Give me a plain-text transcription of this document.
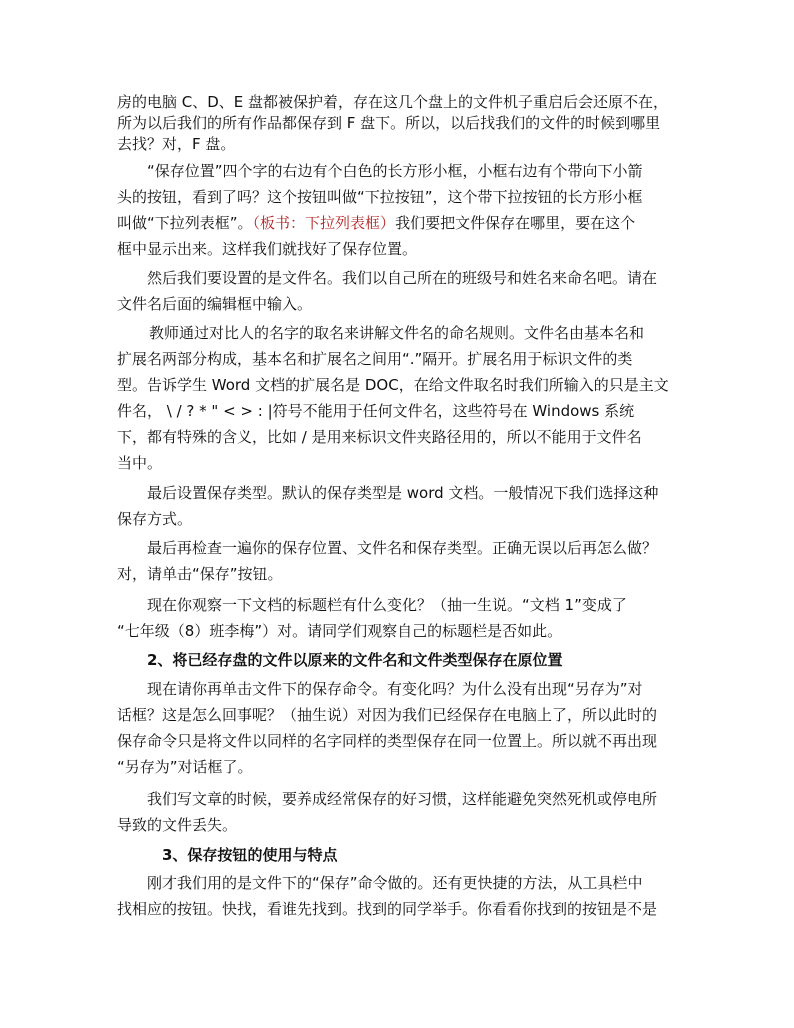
房的电脑 C、D、E 盘都被保护着，存在这几个盘上的文件机子重启后会还原不在，
所为以后我们的所有作品都保存到 F 盘下。所以，以后找我们的文件的时候到哪里
去找？对，F 盘。

“保存位置”四个字的右边有个白色的长方形小框，小框右边有个带向下小箭
头的按钮，看到了吗？这个按钮叫做“下拉按钮”，这个带下拉按钮的长方形小框
叫做“下拉列表框”。（板书：下拉列表框）我们要把文件保存在哪里，要在这个
框中显示出来。这样我们就找好了保存位置。

然后我们要设置的是文件名。我们以自己所在的班级号和姓名来命名吧。请在
文件名后面的编辑框中输入。

教师通过对比人的名字的取名来讲解文件名的命名规则。文件名由基本名和
扩展名两部分构成，基本名和扩展名之间用“.”隔开。扩展名用于标识文件的类
型。告诉学生 Word 文档的扩展名是 DOC，在给文件取名时我们所输入的只是主文
件名， \ / ? * " < > : |符号不能用于任何文件名，这些符号在 Windows 系统
下，都有特殊的含义，比如 / 是用来标识文件夹路径用的，所以不能用于文件名
当中。

最后设置保存类型。默认的保存类型是 word 文档。一般情况下我们选择这种
保存方式。

最后再检查一遍你的保存位置、文件名和保存类型。正确无误以后再怎么做？
对，请单击“保存”按钮。

现在你观察一下文档的标题栏有什么变化？（抽一生说。“文档 1”变成了
“七年级（8）班李梅”）对。请同学们观察自己的标题栏是否如此。

2、将已经存盘的文件以原来的文件名和文件类型保存在原位置

现在请你再单击文件下的保存命令。有变化吗？为什么没有出现“另存为”对
话框？这是怎么回事呢？（抽生说）对因为我们已经保存在电脑上了，所以此时的
保存命令只是将文件以同样的名字同样的类型保存在同一位置上。所以就不再出现
“另存为”对话框了。

我们写文章的时候，要养成经常保存的好习惯，这样能避免突然死机或停电所
导致的文件丢失。

3、保存按钮的使用与特点

刚才我们用的是文件下的“保存”命令做的。还有更快捷的方法，从工具栏中
找相应的按钮。快找，看谁先找到。找到的同学举手。你看看你找到的按钮是不是
